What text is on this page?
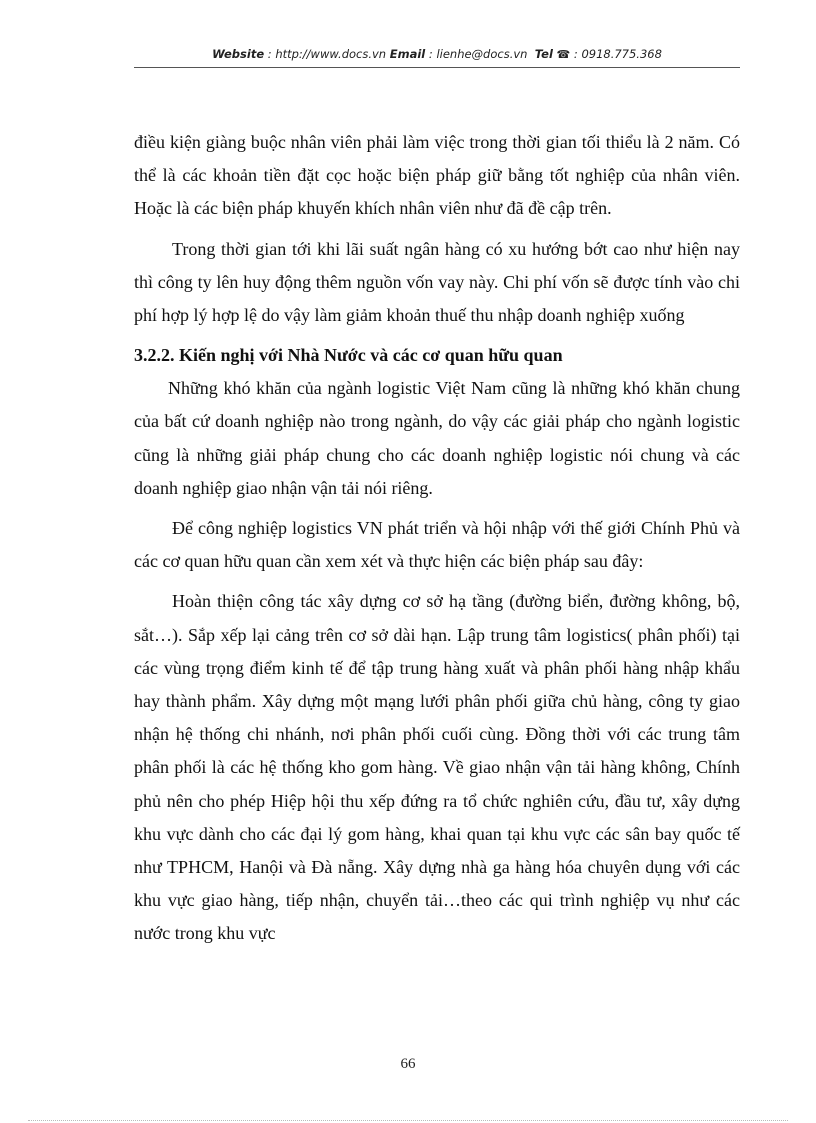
Website : http://www.docs.vn Email : lienhe@docs.vn Tel ☎ : 0918.775.368

điều kiện giàng buộc nhân viên phải làm việc trong thời gian tối thiểu là 2 năm. Có thể là các khoản tiền đặt cọc hoặc biện pháp giữ bằng tốt nghiệp của nhân viên. Hoặc là các biện pháp khuyến khích nhân viên như đã đề cập trên.

Trong thời gian tới khi lãi suất ngân hàng có xu hướng bớt cao như hiện nay thì công ty lên huy động thêm nguồn vốn vay này. Chi phí vốn sẽ được tính vào chi phí hợp lý hợp lệ do vậy làm giảm khoản thuế thu nhập doanh nghiệp xuống

3.2.2. Kiến nghị với Nhà Nước và các cơ quan hữu quan

Những khó khăn của ngành logistic Việt Nam cũng là những khó khăn chung của bất cứ doanh nghiệp nào trong ngành, do vậy các giải pháp cho ngành logistic cũng là những giải pháp chung cho các doanh nghiệp logistic nói chung và các doanh nghiệp giao nhận vận tải nói riêng.

Để công nghiệp logistics VN phát triển và hội nhập với thế giới Chính Phủ và các cơ quan hữu quan cần xem xét và thực hiện các biện pháp sau đây:

Hoàn thiện công tác xây dựng cơ sở hạ tầng (đường biển, đường không, bộ, sắt…). Sắp xếp lại cảng trên cơ sở dài hạn. Lập trung tâm logistics( phân phối) tại các vùng trọng điểm kinh tế để tập trung hàng xuất và phân phối hàng nhập khẩu hay thành phẩm. Xây dựng một mạng lưới phân phối giữa chủ hàng, công ty giao nhận hệ thống chi nhánh, nơi phân phối cuối cùng. Đồng thời với các trung tâm phân phối là các hệ thống kho gom hàng. Về giao nhận vận tải hàng không, Chính phủ nên cho phép Hiệp hội thu xếp đứng ra tổ chức nghiên cứu, đầu tư, xây dựng khu vực dành cho các đại lý gom hàng, khai quan tại khu vực các sân bay quốc tế như TPHCM, Hanội và Đà nẵng. Xây dựng nhà ga hàng hóa chuyên dụng với các khu vực giao hàng, tiếp nhận, chuyển tải…theo các qui trình nghiệp vụ như các nước trong khu vực

66
